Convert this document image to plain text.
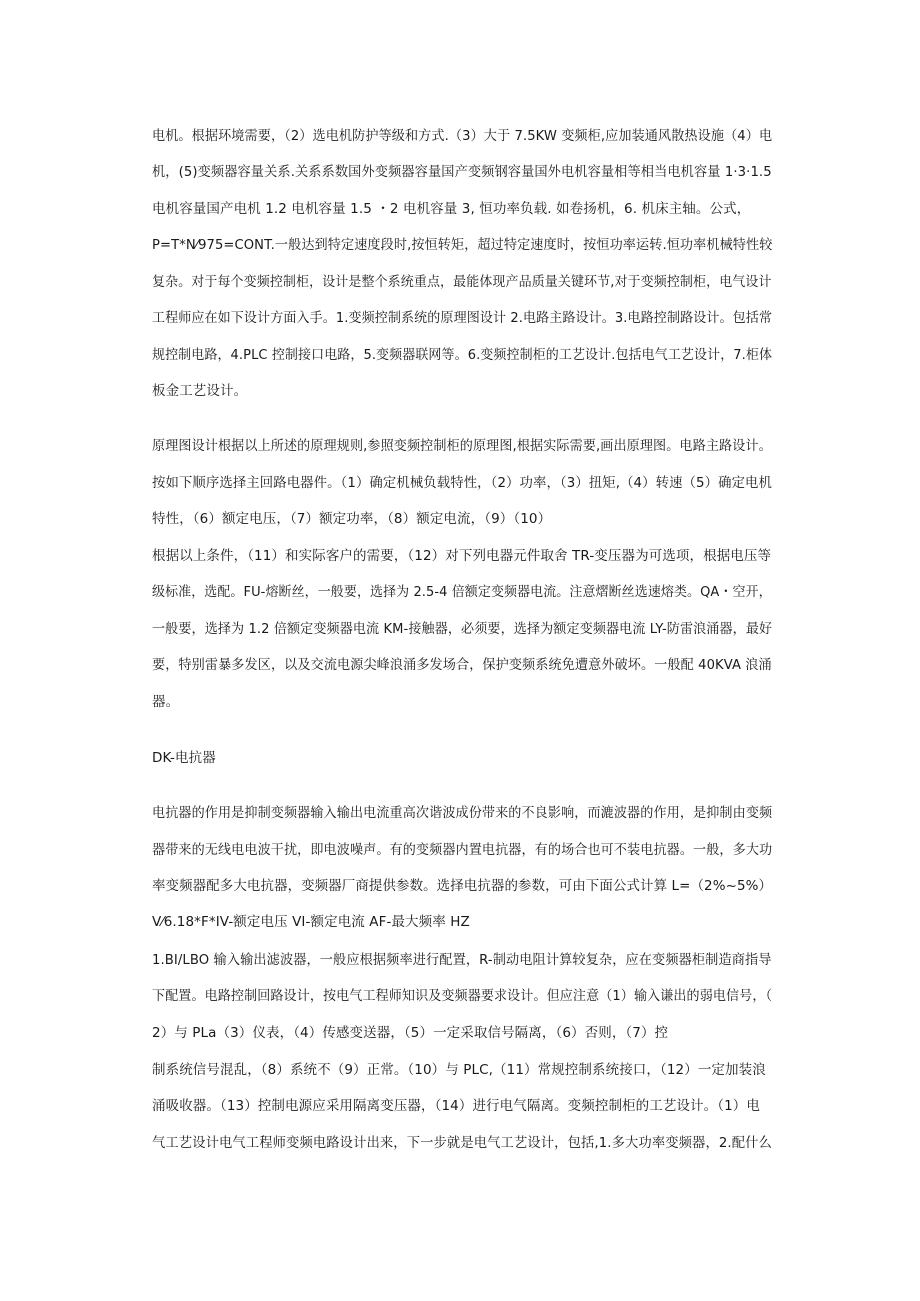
电机。根据环境需要，（2）选电机防护等级和方式.（3）大于 7.5KW 变频柜,应加装通风散热设施（4）电
机，(5)变频器容量关系.关系系数国外变频器容量国产变频钢容量国外电机容量相等相当电机容量 1·3·1.5
电机容量国产电机 1.2 电机容量 1.5 ・2 电机容量 3, 恒功率负载. 如卷扬机，6. 机床主轴。公式，
P=T*N⁄975=CONT.一般达到特定速度段时,按恒转矩，超过特定速度时，按恒功率运转.恒功率机械特性较
复杂。对于每个变频控制柜，设计是整个系统重点，最能体现产品质量关键环节,对于变频控制柜，电气设计
工程师应在如下设计方面入手。1.变频控制系统的原理图设计 2.电路主路设计。3.电路控制路设计。包括常
规控制电路，4.PLC 控制接口电路，5.变频器联网等。6.变频控制柜的工艺设计.包括电气工艺设计，7.柜体
板金工艺设计。
原理图设计根据以上所述的原理规则,参照变频控制柜的原理图,根据实际需要,画出原理图。电路主路设计。
按如下顺序选择主回路电器件。（1）确定机械负载特性，（2）功率，（3）扭矩,（4）转速（5）确定电机
特性，（6）额定电压，（7）额定功率，（8）额定电流，（9）（10）
根据以上条件，（11）和实际客户的需要，（12）对下列电器元件取舍 TR-变压器为可选项，根据电压等
级标准，选配。FU-熔断丝，一般要，选择为 2.5-4 倍额定变频器电流。注意熠断丝选速熔类。QA・空开，
一般要，选择为 1.2 倍额定变频器电流 KM-接触器，必须要，选择为额定变频器电流 LY-防雷浪涌器，最好
要，特别雷暴多发区，以及交流电源尖峰浪涌多发场合，保护变频系统免遭意外破坏。一般配 40KVA 浪涌
器。
DK-电抗器
电抗器的作用是抑制变频器输入输出电流重高次谐波成份带来的不良影响，而漉波器的作用，是抑制由变频
器带来的无线电电波干扰，即电波噪声。有的变频器内置电抗器，有的场合也可不装电抗器。一般，多大功
率变频器配多大电抗器，变频器厂商提供参数。选择电抗器的参数，可由下面公式计算 L=（2%~5%）
V⁄6.18*F*IV-额定电压 VI-额定电流 AF-最大频率 HZ
1.BI/LBO 输入输出滤波器，一般应根据频率进行配置，R-制动电阻计算较复杂，应在变频器柜制造商指导
下配置。电路控制回路设计，按电气工程师知识及变频器要求设计。但应注意（1）输入谦出的弱电信号，（
2）与 PLa（3）仪表，（4）传感变送器，（5）一定采取信号隔离，（6）否则，（7）控
制系统信号混乱，（8）系统不（9）正常。（10）与 PLC,（11）常规控制系统接口，（12）一定加装浪
涌吸收器。（13）控制电源应采用隔离变压器，（14）进行电气隔离。变频控制柜的工艺设计。（1）电
气工艺设计电气工程师变频电路设计出来，下一步就是电气工艺设计，包括,1.多大功率变频器，2.配什么
